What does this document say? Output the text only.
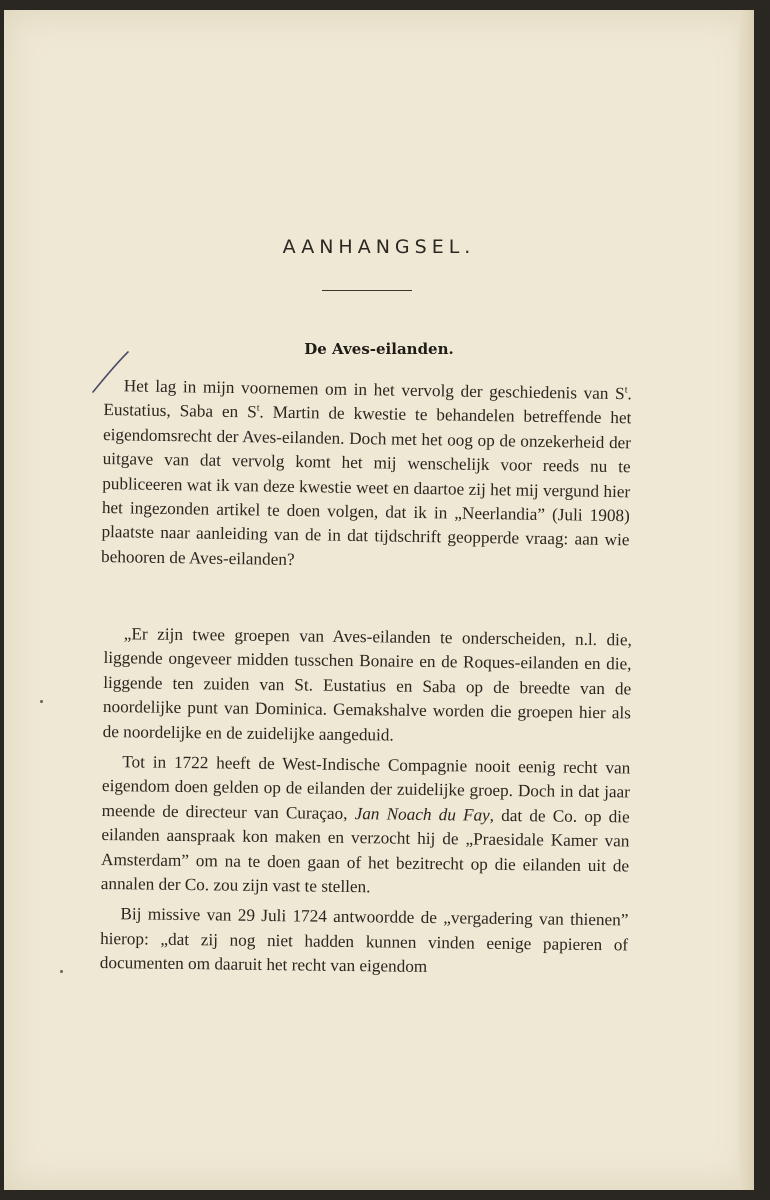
AANHANGSEL.
De Aves-eilanden.

Het lag in mijn voornemen om in het vervolg der geschiedenis van $S^t$. Eustatius, Saba en $S^t$. Martin de kwestie te behandelen betreffende het eigendomsrecht der Aves-eilanden. Doch met het oog op de onzekerheid der uitgave van dat vervolg komt het mij wenschelijk voor reeds nu te publiceeren wat ik van deze kwestie weet en daartoe zij het mij vergund hier het ingezonden artikel te doen volgen, dat ik in „Neerlandia” (Juli 1908) plaatste naar aanleiding van de in dat tijdschrift geopperde vraag: aan wie behooren de Aves-eilanden?

„Er zijn twee groepen van Aves-eilanden te onderscheiden, n.l. die, liggende ongeveer midden tusschen Bonaire en de Roques-eilanden en die, liggende ten zuiden van St. Eustatius en Saba op de breedte van de noordelijke punt van Dominica. Gemakshalve worden die groepen hier als de noordelijke en de zuidelijke aangeduid.

Tot in 1722 heeft de West-Indische Compagnie nooit eenig recht van eigendom doen gelden op de eilanden der zuidelijke groep. Doch in dat jaar meende de directeur van Curaçao, Jan Noach du Fay, dat de Co. op die eilanden aanspraak kon maken en verzocht hij de „Praesidale Kamer van Amsterdam” om na te doen gaan of het bezitrecht op die eilanden uit de annalen der Co. zou zijn vast te stellen.

Bij missive van 29 Juli 1724 antwoordde de „vergadering van thienen” hierop: „dat zij nog niet hadden kunnen vinden eenige papieren of documenten om daaruit het recht van eigendom
